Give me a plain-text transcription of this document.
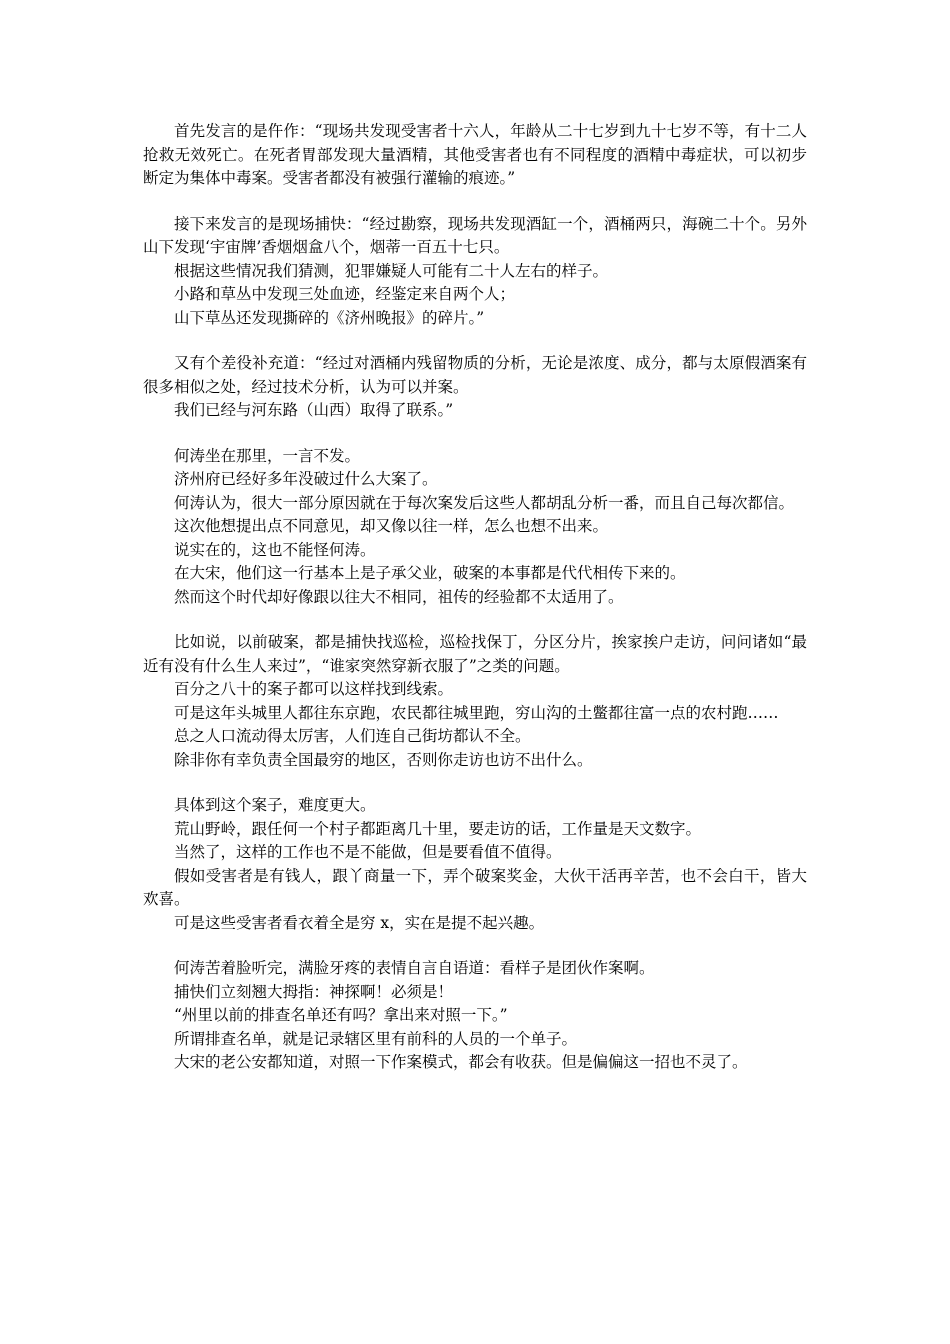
首先发言的是仵作：“现场共发现受害者十六人，年龄从二十七岁到九十七岁不等，有十二人抢救无效死亡。在死者胃部发现大量酒精，其他受害者也有不同程度的酒精中毒症状，可以初步断定为集体中毒案。受害者都没有被强行灌输的痕迹。”

接下来发言的是现场捕快：“经过勘察，现场共发现酒缸一个，酒桶两只，海碗二十个。另外山下发现‘宇宙牌’香烟烟盒八个，烟蒂一百五十七只。

根据这些情况我们猜测，犯罪嫌疑人可能有二十人左右的样子。

小路和草丛中发现三处血迹，经鉴定来自两个人；

山下草丛还发现撕碎的《济州晚报》的碎片。”

又有个差役补充道：“经过对酒桶内残留物质的分析，无论是浓度、成分，都与太原假酒案有很多相似之处，经过技术分析，认为可以并案。

我们已经与河东路（山西）取得了联系。”

何涛坐在那里，一言不发。

济州府已经好多年没破过什么大案了。

何涛认为，很大一部分原因就在于每次案发后这些人都胡乱分析一番，而且自己每次都信。

这次他想提出点不同意见，却又像以往一样，怎么也想不出来。

说实在的，这也不能怪何涛。

在大宋，他们这一行基本上是子承父业，破案的本事都是代代相传下来的。

然而这个时代却好像跟以往大不相同，祖传的经验都不太适用了。

比如说，以前破案，都是捕快找巡检，巡检找保丁，分区分片，挨家挨户走访，问问诸如“最近有没有什么生人来过”，“谁家突然穿新衣服了”之类的问题。

百分之八十的案子都可以这样找到线索。

可是这年头城里人都往东京跑，农民都往城里跑，穷山沟的土鳖都往富一点的农村跑……

总之人口流动得太厉害，人们连自己街坊都认不全。

除非你有幸负责全国最穷的地区，否则你走访也访不出什么。

具体到这个案子，难度更大。

荒山野岭，跟任何一个村子都距离几十里，要走访的话，工作量是天文数字。

当然了，这样的工作也不是不能做，但是要看值不值得。

假如受害者是有钱人，跟丫商量一下，弄个破案奖金，大伙干活再辛苦，也不会白干，皆大欢喜。

可是这些受害者看衣着全是穷 x，实在是提不起兴趣。

何涛苦着脸听完，满脸牙疼的表情自言自语道：看样子是团伙作案啊。

捕快们立刻翘大拇指：神探啊！必须是！

“州里以前的排查名单还有吗？拿出来对照一下。”

所谓排查名单，就是记录辖区里有前科的人员的一个单子。

大宋的老公安都知道，对照一下作案模式，都会有收获。但是偏偏这一招也不灵了。
